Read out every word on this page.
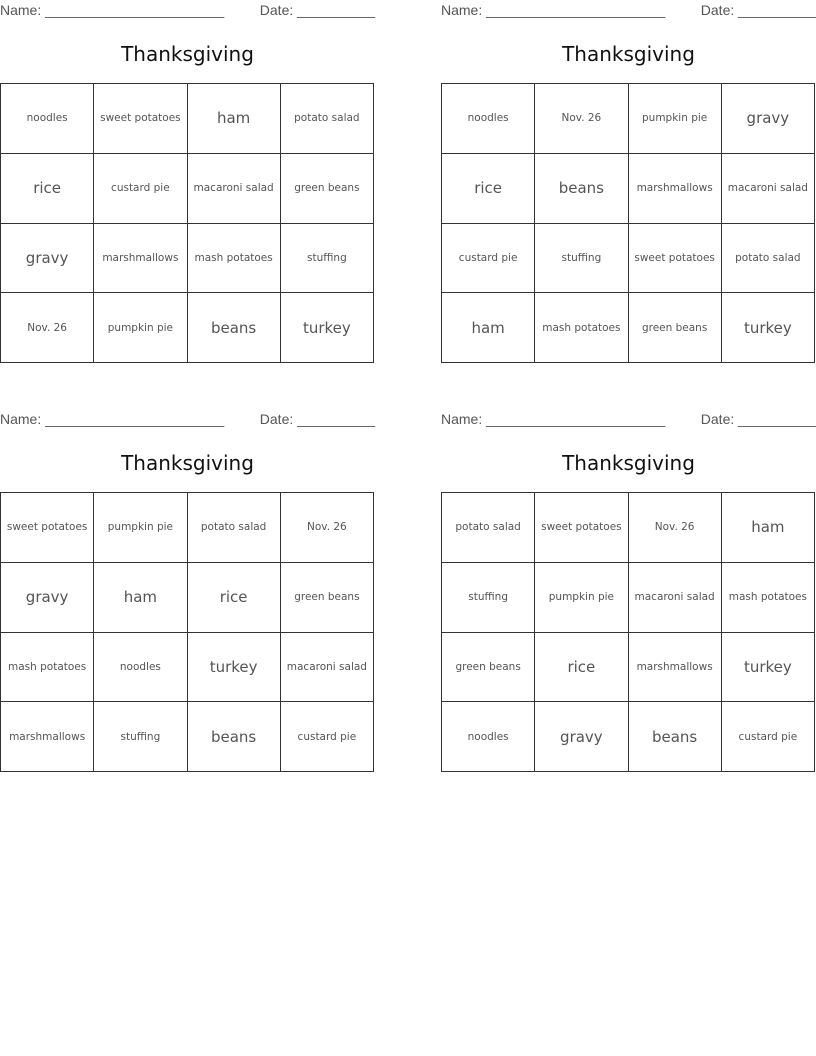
Name: _______________________	Date: __________
Thanksgiving
noodles	sweet potatoes	ham	potato salad
rice	custard pie	macaroni salad	green beans
gravy	marshmallows	mash potatoes	stuffing
Nov. 26	pumpkin pie	beans	turkey
Name: _______________________	Date: __________
Thanksgiving
noodles	Nov. 26	pumpkin pie	gravy
rice	beans	marshmallows	macaroni salad
custard pie	stuffing	sweet potatoes	potato salad
ham	mash potatoes	green beans	turkey
Name: _______________________	Date: __________
Thanksgiving
sweet potatoes	pumpkin pie	potato salad	Nov. 26
gravy	ham	rice	green beans
mash potatoes	noodles	turkey	macaroni salad
marshmallows	stuffing	beans	custard pie
Name: _______________________	Date: __________
Thanksgiving
potato salad	sweet potatoes	Nov. 26	ham
stuffing	pumpkin pie	macaroni salad	mash potatoes
green beans	rice	marshmallows	turkey
noodles	gravy	beans	custard pie
